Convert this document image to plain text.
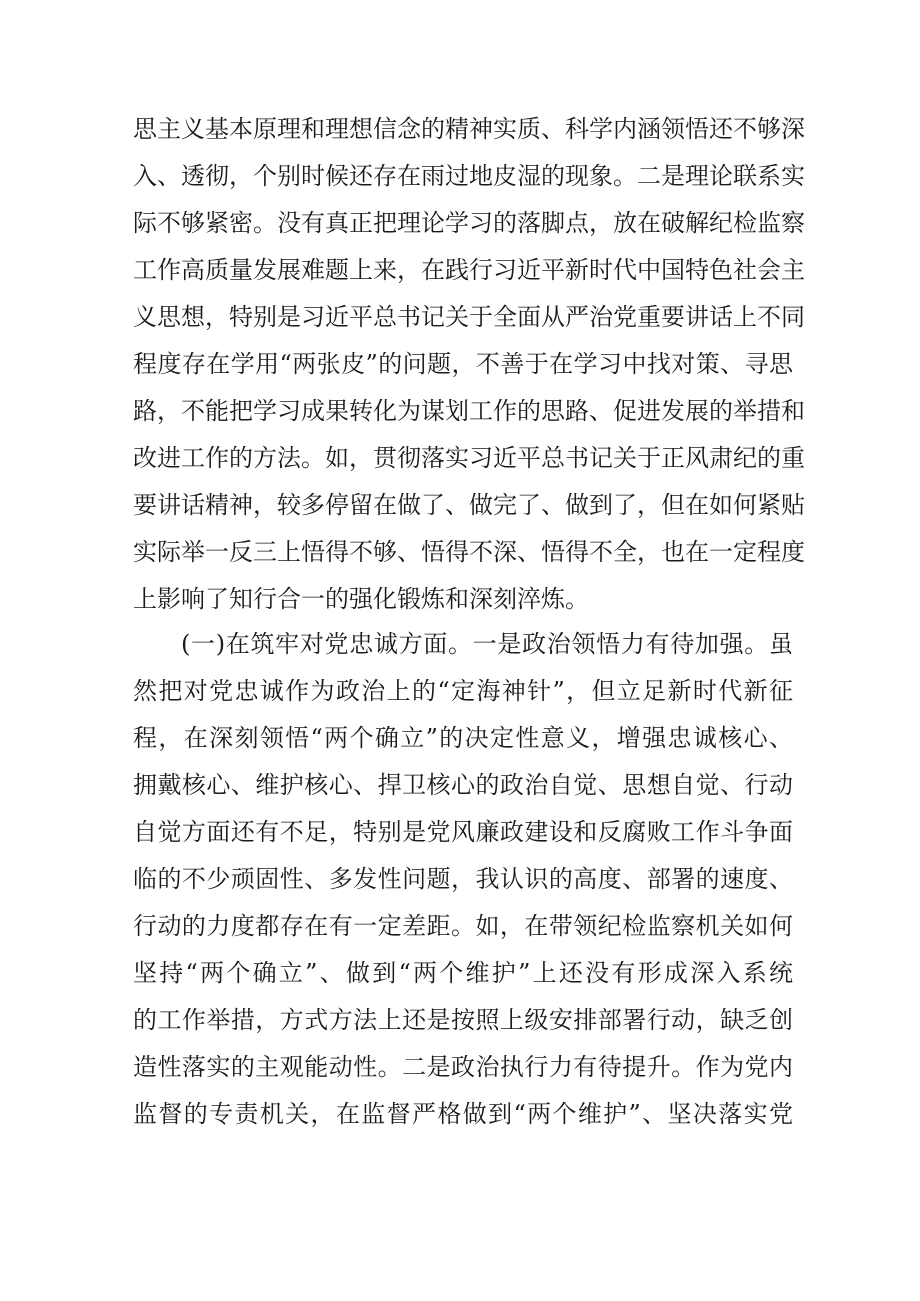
思主义基本原理和理想信念的精神实质、科学内涵领悟还不够深
入、透彻，个别时候还存在雨过地皮湿的现象。二是理论联系实
际不够紧密。没有真正把理论学习的落脚点，放在破解纪检监察
工作高质量发展难题上来，在践行习近平新时代中国特色社会主
义思想，特别是习近平总书记关于全面从严治党重要讲话上不同
程度存在学用“两张皮”的问题，不善于在学习中找对策、寻思
路，不能把学习成果转化为谋划工作的思路、促进发展的举措和
改进工作的方法。如，贯彻落实习近平总书记关于正风肃纪的重
要讲话精神，较多停留在做了、做完了、做到了，但在如何紧贴
实际举一反三上悟得不够、悟得不深、悟得不全，也在一定程度
上影响了知行合一的强化锻炼和深刻淬炼。
(一)在筑牢对党忠诚方面。一是政治领悟力有待加强。虽
然把对党忠诚作为政治上的“定海神针”，但立足新时代新征
程，在深刻领悟“两个确立”的决定性意义，增强忠诚核心、
拥戴核心、维护核心、捍卫核心的政治自觉、思想自觉、行动
自觉方面还有不足，特别是党风廉政建设和反腐败工作斗争面
临的不少顽固性、多发性问题，我认识的高度、部署的速度、
行动的力度都存在有一定差距。如，在带领纪检监察机关如何
坚持“两个确立”、做到“两个维护”上还没有形成深入系统
的工作举措，方式方法上还是按照上级安排部署行动，缺乏创
造性落实的主观能动性。二是政治执行力有待提升。作为党内
监督的专责机关，在监督严格做到“两个维护”、坚决落实党
